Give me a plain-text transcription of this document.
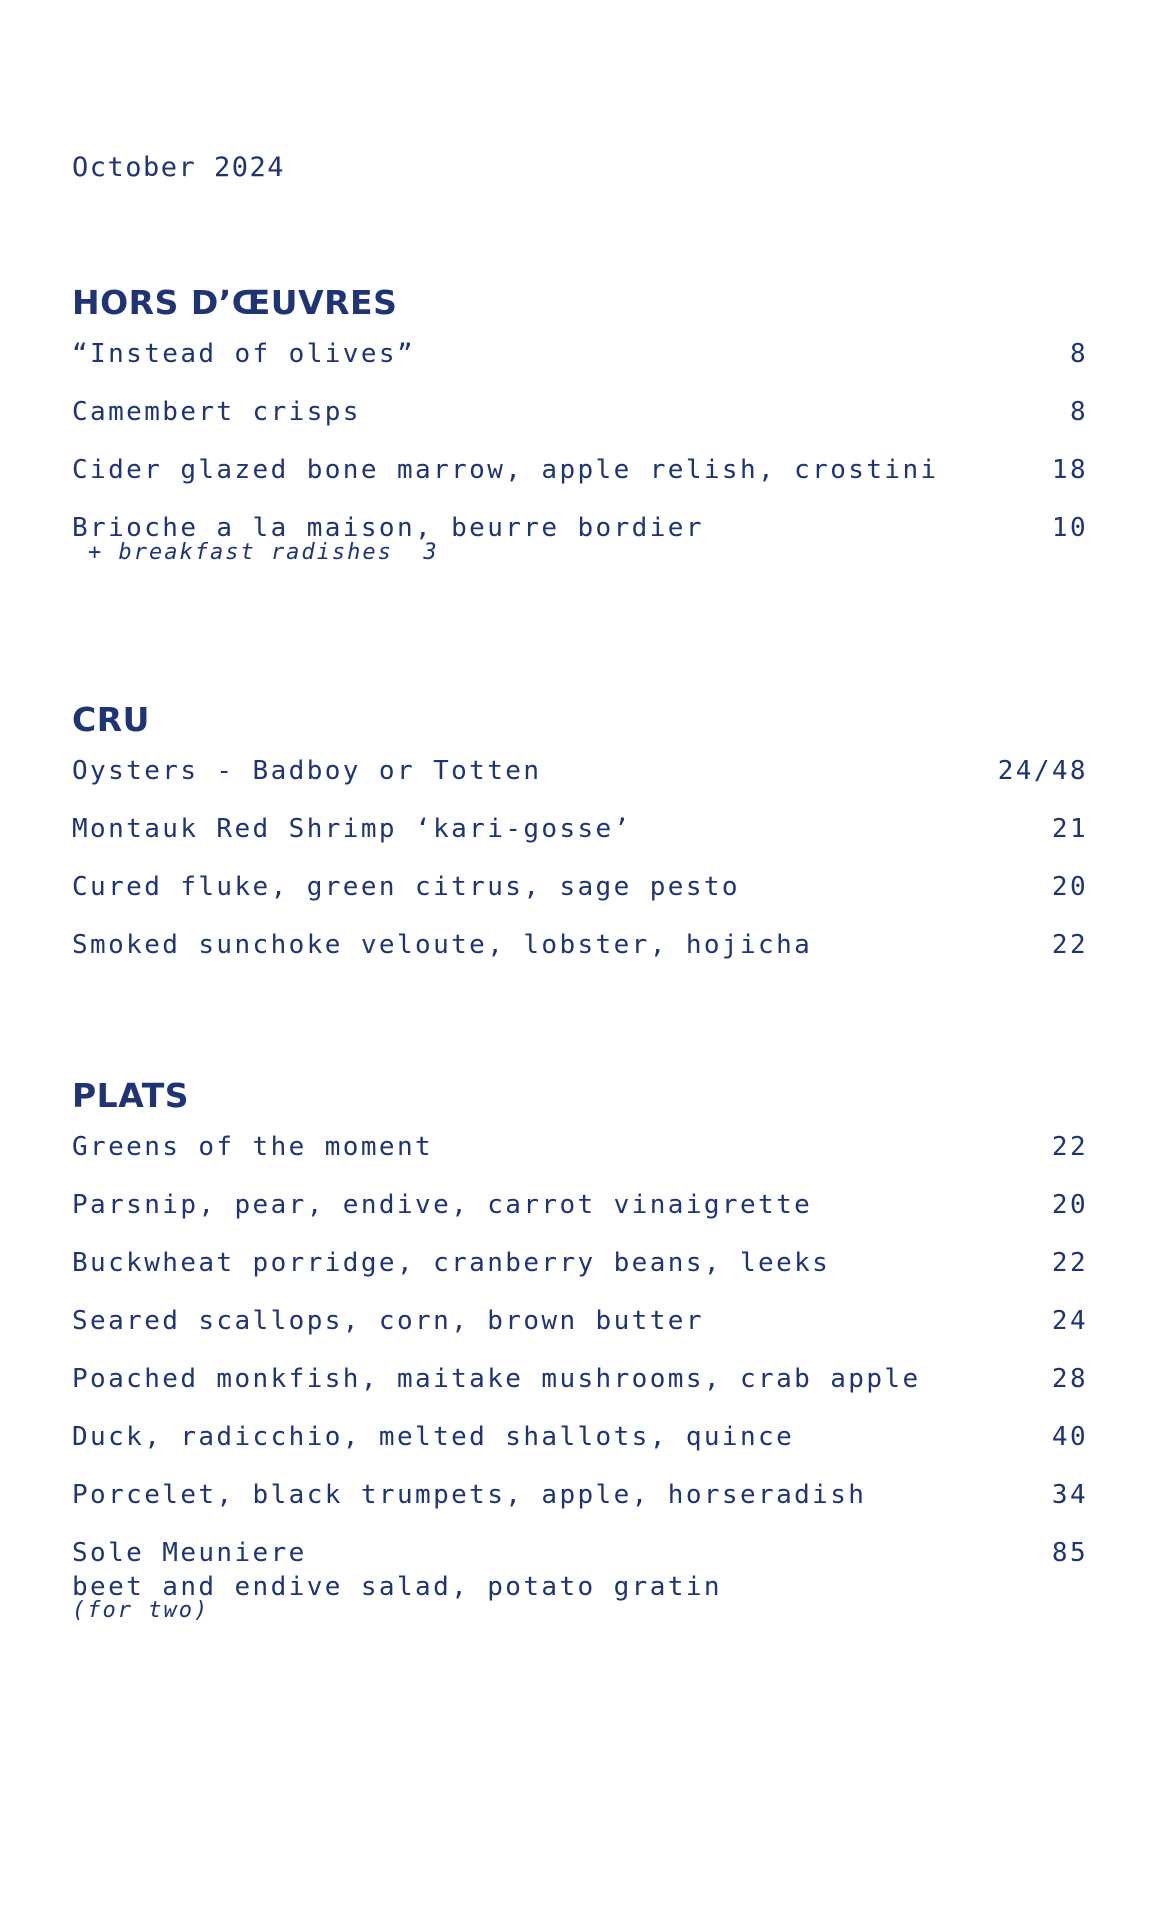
October 2024
HORS D’ŒUVRES
“Instead of olives”	8
Camembert crisps	8
Cider glazed bone marrow, apple relish, crostini	18
Brioche a la maison, beurre bordier	10
+ breakfast radishes  3
CRU
Oysters - Badboy or Totten	24/48
Montauk Red Shrimp ‘kari-gosse’	21
Cured fluke, green citrus, sage pesto	20
Smoked sunchoke veloute, lobster, hojicha	22
PLATS
Greens of the moment	22
Parsnip, pear, endive, carrot vinaigrette	20
Buckwheat porridge, cranberry beans, leeks	22
Seared scallops, corn, brown butter	24
Poached monkfish, maitake mushrooms, crab apple	28
Duck, radicchio, melted shallots, quince	40
Porcelet, black trumpets, apple, horseradish	34
Sole Meuniere	85
beet and endive salad, potato gratin
(for two)
